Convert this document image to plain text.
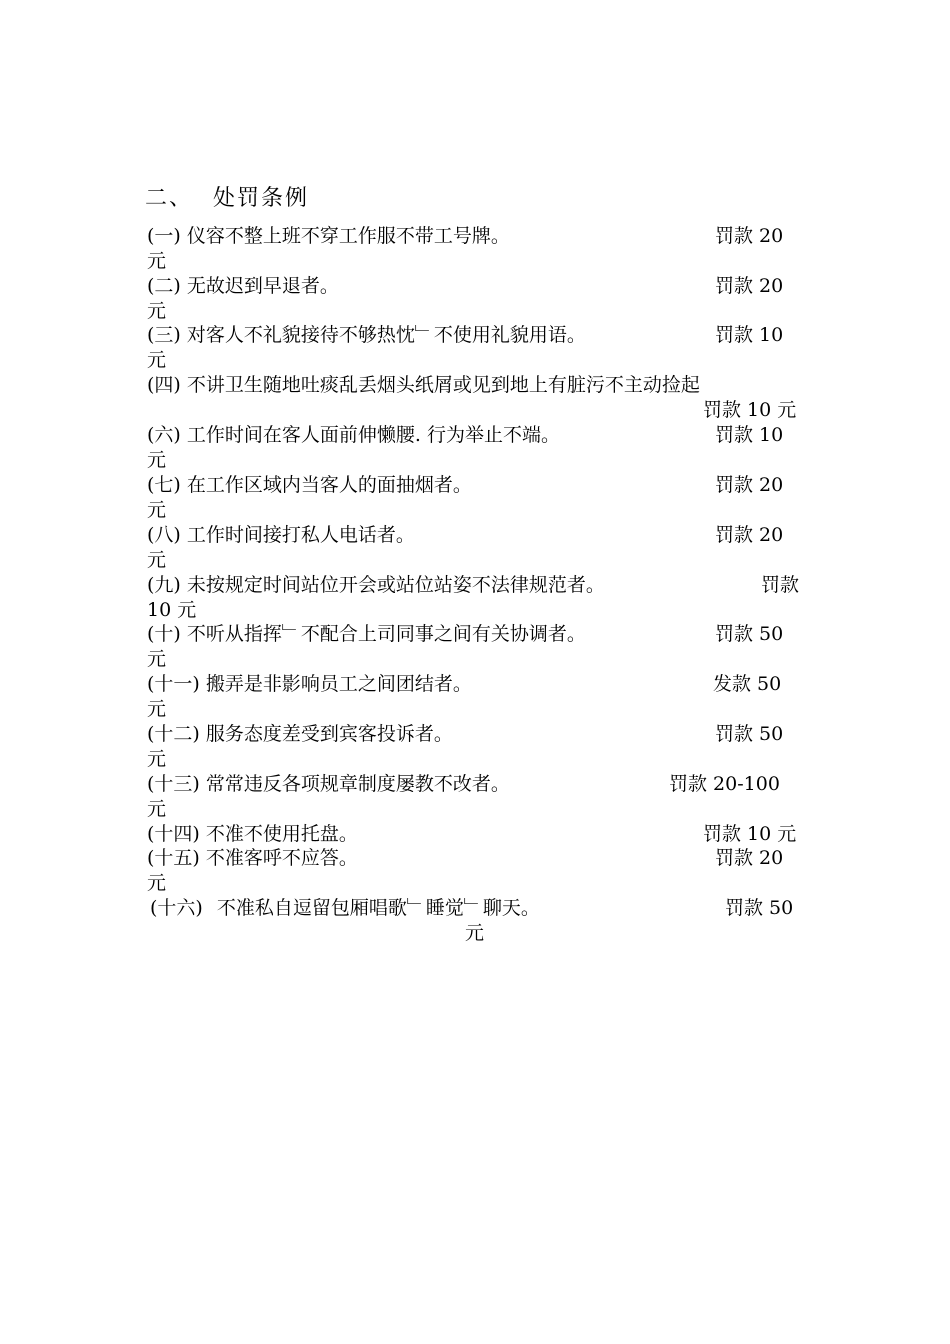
二、 处罚条例
(一) 仪容不整上班不穿工作服不带工号牌。	罚款 20
元
(二) 无故迟到早退者。	罚款 20
元
(三) 对客人不礼貌接待不够热忱﹂不使用礼貌用语。	罚款 10
元
(四) 不讲卫生随地吐痰乱丢烟头纸屑或见到地上有脏污不主动捡起
罚款 10 元
(六) 工作时间在客人面前伸懒腰. 行为举止不端。	罚款 10
元
(七) 在工作区域内当客人的面抽烟者。	罚款 20
元
(八) 工作时间接打私人电话者。	罚款 20
元
(九) 未按规定时间站位开会或站位站姿不法律规范者。	罚款
10 元
(十) 不听从指挥﹂不配合上司同事之间有关协调者。	罚款 50
元
(十一) 搬弄是非影响员工之间团结者。	发款 50
元
(十二) 服务态度差受到宾客投诉者。	罚款 50
元
(十三) 常常违反各项规章制度屡教不改者。	罚款 20-100
元
(十四) 不准不使用托盘。	罚款 10 元
(十五) 不准客呼不应答。	罚款 20
元
(十六) 不准私自逗留包厢唱歌﹂睡觉﹂聊天。	罚款 50
元
